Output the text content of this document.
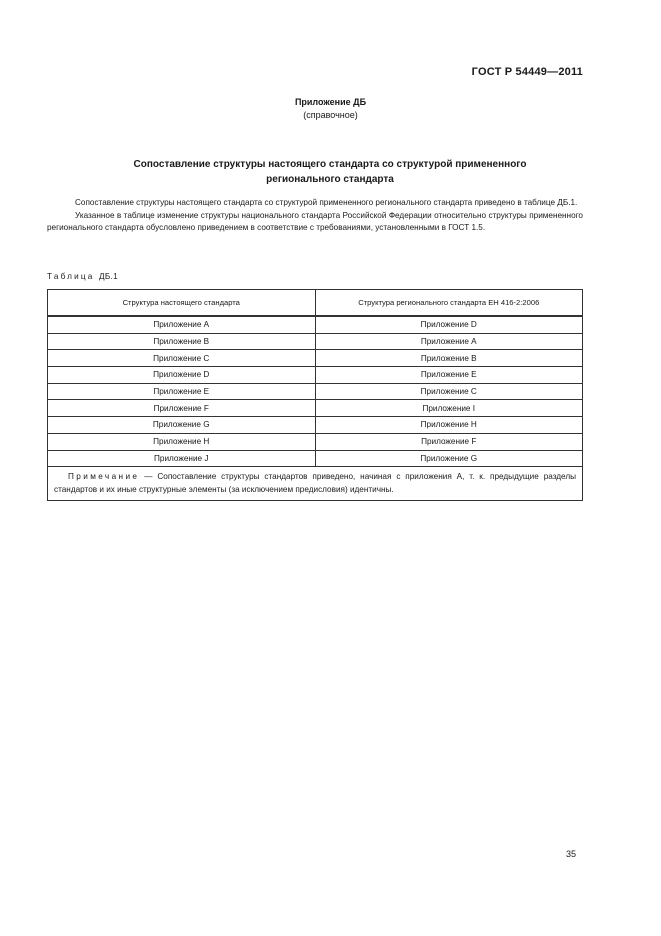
ГОСТ Р 54449—2011
Приложение ДБ
(справочное)
Сопоставление структуры настоящего стандарта со структурой примененного
регионального стандарта

Сопоставление структуры настоящего стандарта со структурой примененного регионального стандарта приведено в таблице ДБ.1.

Указанное в таблице изменение структуры национального стандарта Российской Федерации относительно структуры примененного регионального стандарта обусловлено приведением в соответствие с требованиями, установленными в ГОСТ 1.5.

Таблица ДБ.1
Структура настоящего стандарта	Структура регионального стандарта ЕН 416-2:2006
Приложение А	Приложение D
Приложение В	Приложение А
Приложение С	Приложение В
Приложение D	Приложение Е
Приложение Е	Приложение С
Приложение F	Приложение I
Приложение G	Приложение Н
Приложение Н	Приложение F
Приложение J	Приложение G

Примечание — Сопоставление структуры стандартов приведено, начиная с приложения А, т. к. предыдущие разделы стандартов и их иные структурные элементы (за исключением предисловия) идентичны.	
35
